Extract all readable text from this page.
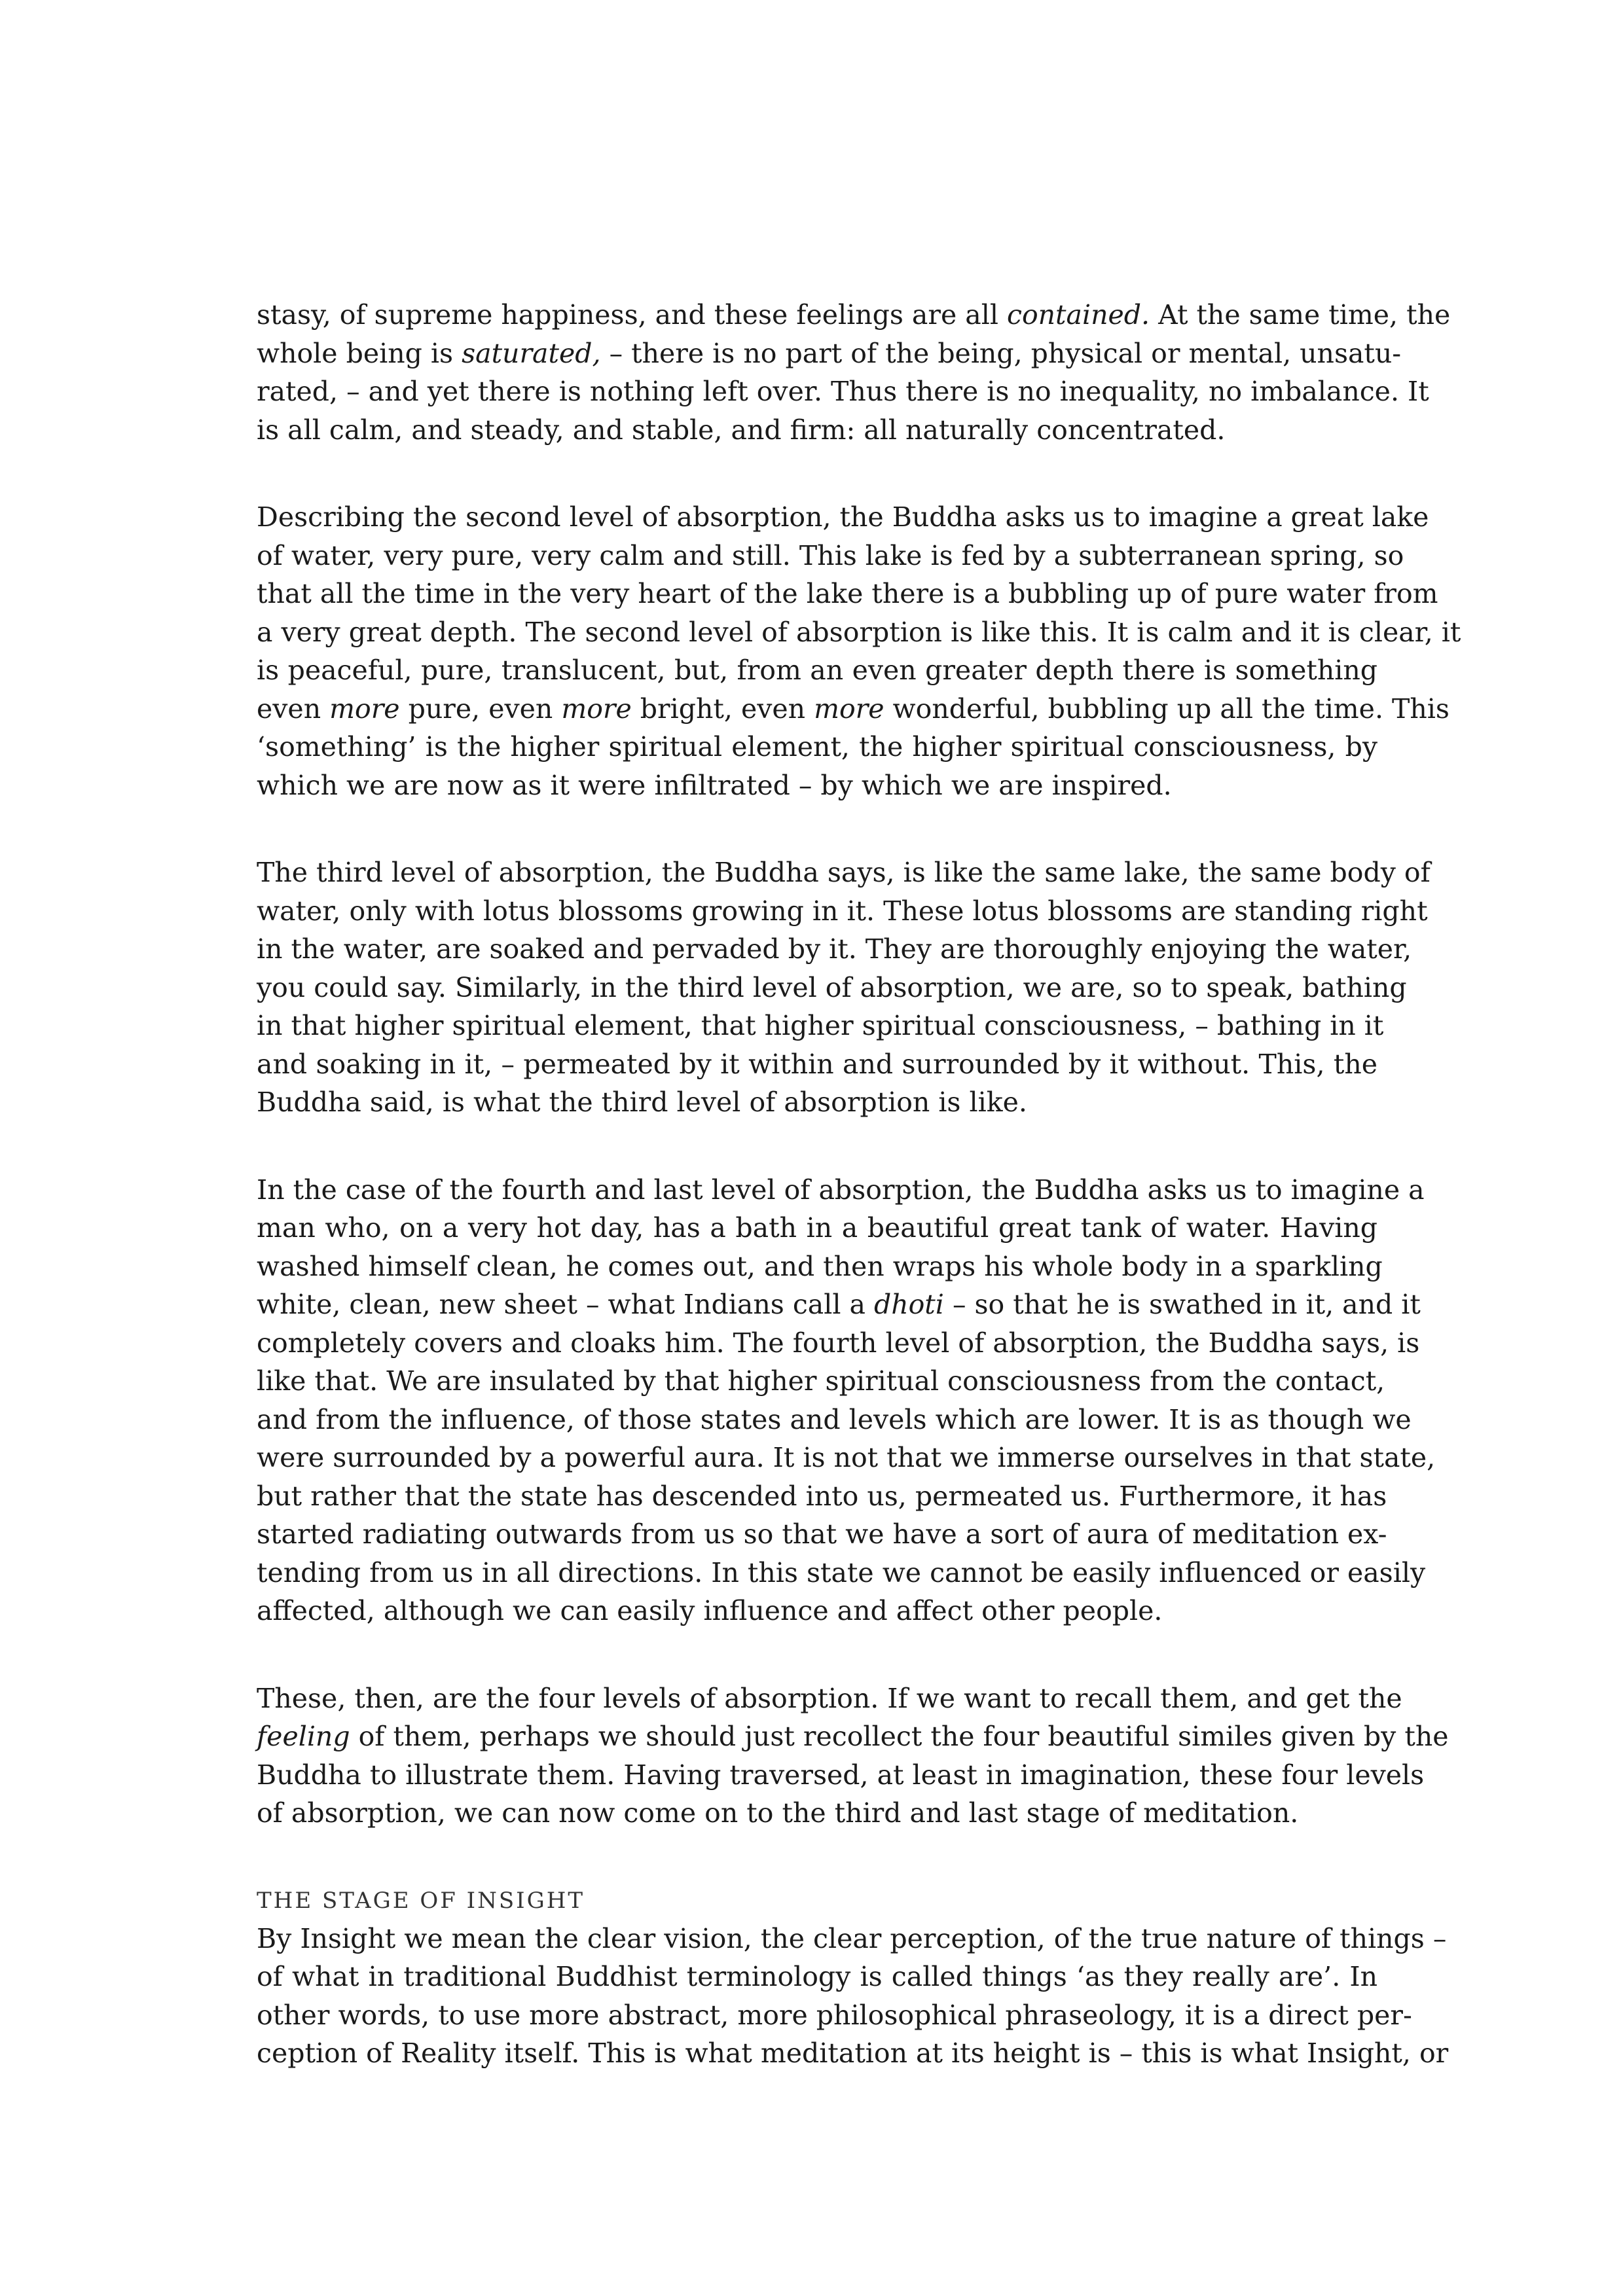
stasy, of supreme happiness, and these feelings are all contained. At the same time, the
whole being is saturated, – there is no part of the being, physical or mental, unsatu-
rated, – and yet there is nothing left over. Thus there is no inequality, no imbalance. It
is all calm, and steady, and stable, and firm: all naturally concentrated.

Describing the second level of absorption, the Buddha asks us to imagine a great lake
of water, very pure, very calm and still. This lake is fed by a subterranean spring, so
that all the time in the very heart of the lake there is a bubbling up of pure water from
a very great depth. The second level of absorption is like this. It is calm and it is clear, it
is peaceful, pure, translucent, but, from an even greater depth there is something
even more pure, even more bright, even more wonderful, bubbling up all the time. This
‘something’ is the higher spiritual element, the higher spiritual consciousness, by
which we are now as it were infiltrated – by which we are inspired.

The third level of absorption, the Buddha says, is like the same lake, the same body of
water, only with lotus blossoms growing in it. These lotus blossoms are standing right
in the water, are soaked and pervaded by it. They are thoroughly enjoying the water,
you could say. Similarly, in the third level of absorption, we are, so to speak, bathing
in that higher spiritual element, that higher spiritual consciousness, – bathing in it
and soaking in it, – permeated by it within and surrounded by it without. This, the
Buddha said, is what the third level of absorption is like.

In the case of the fourth and last level of absorption, the Buddha asks us to imagine a
man who, on a very hot day, has a bath in a beautiful great tank of water. Having
washed himself clean, he comes out, and then wraps his whole body in a sparkling
white, clean, new sheet – what Indians call a dhoti – so that he is swathed in it, and it
completely covers and cloaks him. The fourth level of absorption, the Buddha says, is
like that. We are insulated by that higher spiritual consciousness from the contact,
and from the influence, of those states and levels which are lower. It is as though we
were surrounded by a powerful aura. It is not that we immerse ourselves in that state,
but rather that the state has descended into us, permeated us. Furthermore, it has
started radiating outwards from us so that we have a sort of aura of meditation ex-
tending from us in all directions. In this state we cannot be easily influenced or easily
affected, although we can easily influence and affect other people.

These, then, are the four levels of absorption. If we want to recall them, and get the
feeling of them, perhaps we should just recollect the four beautiful similes given by the
Buddha to illustrate them. Having traversed, at least in imagination, these four levels
of absorption, we can now come on to the third and last stage of meditation.

THE STAGE OF INSIGHT

By Insight we mean the clear vision, the clear perception, of the true nature of things –
of what in traditional Buddhist terminology is called things ‘as they really are’. In
other words, to use more abstract, more philosophical phraseology, it is a direct per-
ception of Reality itself. This is what meditation at its height is – this is what Insight, or
